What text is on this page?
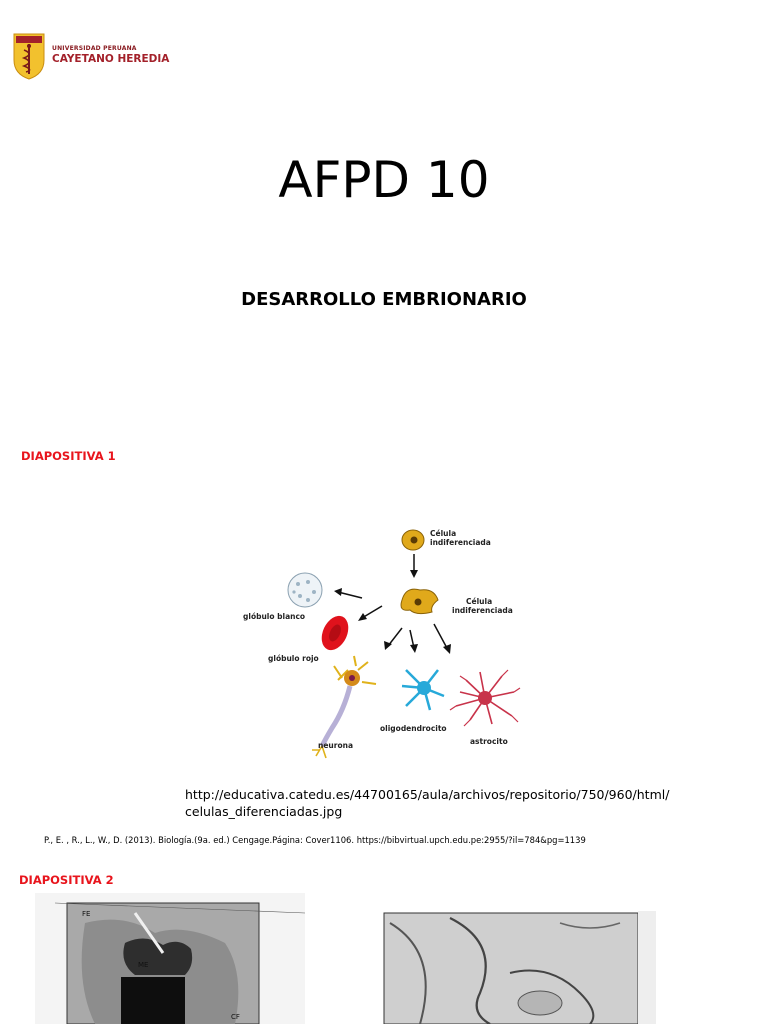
UNIVERSIDAD PERUANA
CAYETANO HEREDIA
AFPD 10
DESARROLLO EMBRIONARIO
DIAPOSITIVA 1
Célula
indiferenciada
Célula
indiferenciada
glóbulo blanco
glóbulo rojo
neurona
oligodendrocito
astrocito
http://educativa.catedu.es/44700165/aula/archivos/repositorio/750/960/html/
celulas_diferenciadas.jpg
P., E. , R., L., W., D. (2013). Biología.(9a. ed.) Cengage.Página: Cover1106. https://bibvirtual.upch.edu.pe:2955/?il=784&pg=1139
DIAPOSITIVA 2
FE
ME
CF
